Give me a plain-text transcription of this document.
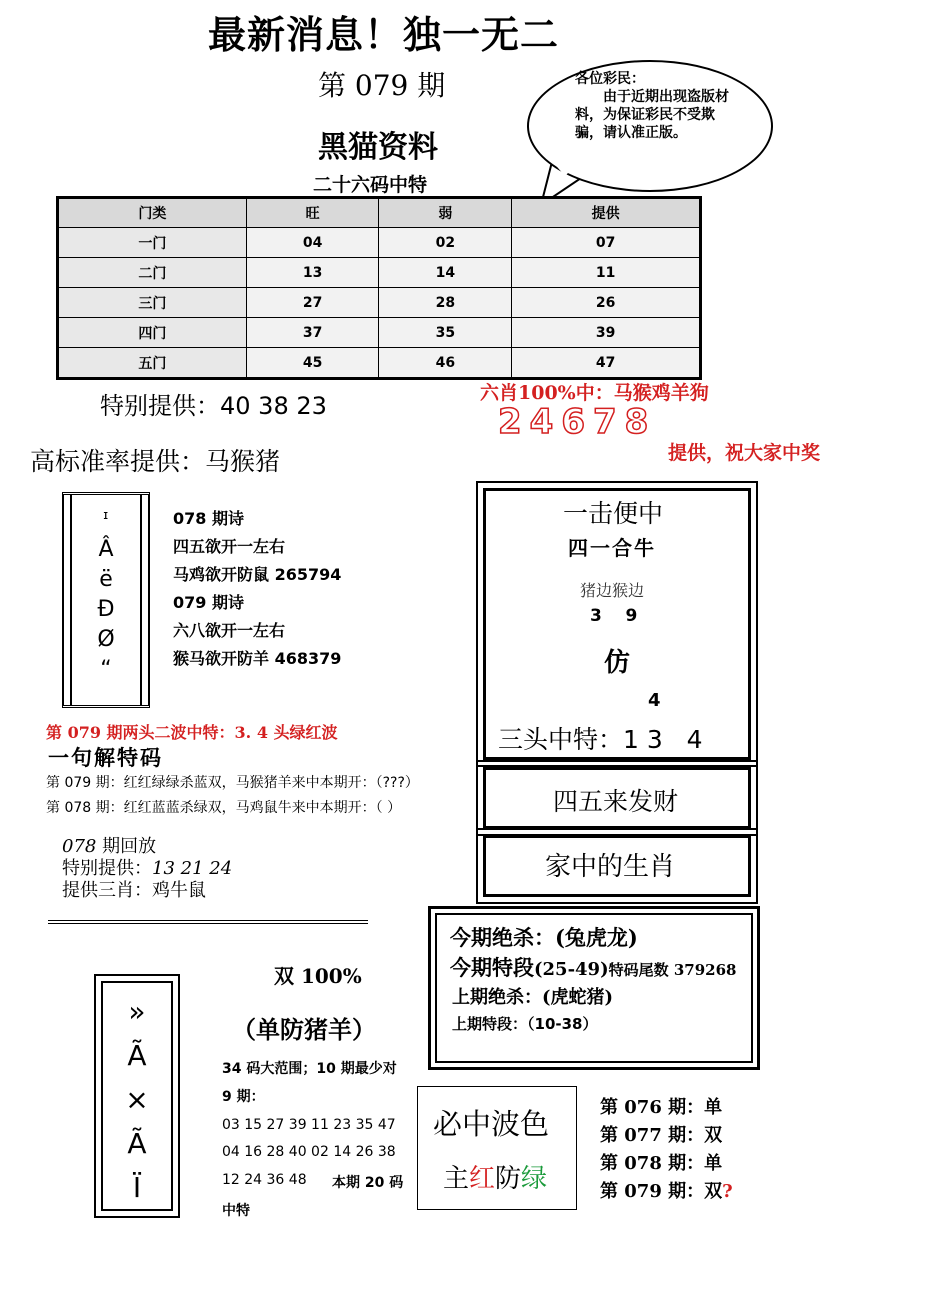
最新消息！独一无二
第 079 期
黑猫资料
二十六码中特
各位彩民：
由于近期出现盗版材料，为保证彩民不受欺骗，请认准正版。
门类	旺	弱	提供
一门	04	02	07
二门	13	14	11
三门	27	28	26
四门	37	35	39
五门	45	46	47
特别提供：40 38 23
高标准率提供：马猴猪
六肖100%中：马猴鸡羊狗
24678
提供，祝大家中奖
ᶦ
Â
ë
Ð
Ø
“
078 期诗
四五欲开一左右
马鸡欲开防鼠 265794
079 期诗
六八欲开一左右
猴马欲开防羊 468379
第 079 期两头二波中特：3. 4 头绿红波
一句解特码
第 079 期：红红绿绿杀蓝双，马猴猪羊来中本期开：（???）
第 078 期：红红蓝蓝杀绿双，马鸡鼠牛来中本期开：（ ）
078 期回放
特别提供：13 21 24
提供三肖：鸡牛鼠
一击便中
四一合牛
猪边猴边
3    9
仿
4
三头中特：1 3   4
四五来发财
家中的生肖
今期绝杀：(兔虎龙)
今期特段(25-49)特码尾数 379268
上期绝杀：(虎蛇猪)
上期特段：（10-38）
»
Ã
×
Ã
Ï
双 100%
（单防猪羊）
34 码大范围；10 期最少对
9 期：
03 15 27 39 11 23 35 47
04 16 28 40 02 14 26 38
12 24 36 48 本期 20 码
中特
必中波色
主红防绿
第 076 期：单
第 077 期：双
第 078 期：单
第 079 期：双?
